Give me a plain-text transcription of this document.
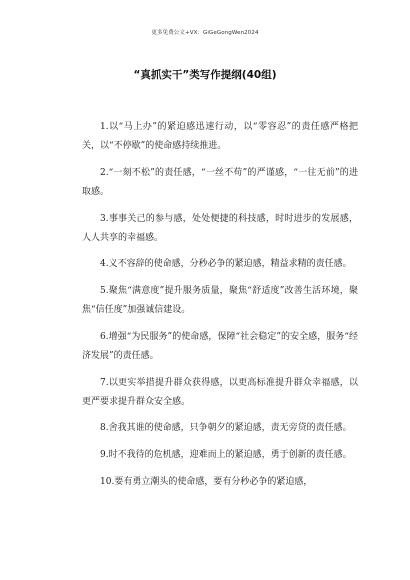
更多免费公文+VX：GiGeGongWen2024
“真抓实干”类写作提纲(40组)

1.以“马上办”的紧迫感迅速行动，以“零容忍”的责任感严格把关，以“不停歇”的使命感持续推进。

2.“一刻不松”的责任感，“一丝不苟”的严谨感，“一往无前”的进取感。

3.事事关己的参与感，处处便捷的科技感，时时进步的发展感，人人共享的幸福感。

4.义不容辞的使命感，分秒必争的紧迫感，精益求精的责任感。

5.聚焦“满意度”提升服务质量，聚焦“舒适度”改善生活环境，聚焦“信任度”加强诚信建设。

6.增强“为民服务”的使命感，保障“社会稳定”的安全感，服务“经济发展”的责任感。

7.以更实举措提升群众获得感，以更高标准提升群众幸福感，以更严要求提升群众安全感。

8.舍我其谁的使命感，只争朝夕的紧迫感，责无旁贷的责任感。

9.时不我待的危机感，迎难而上的紧迫感，勇于创新的责任感。

10.要有勇立潮头的使命感，要有分秒必争的紧迫感，
